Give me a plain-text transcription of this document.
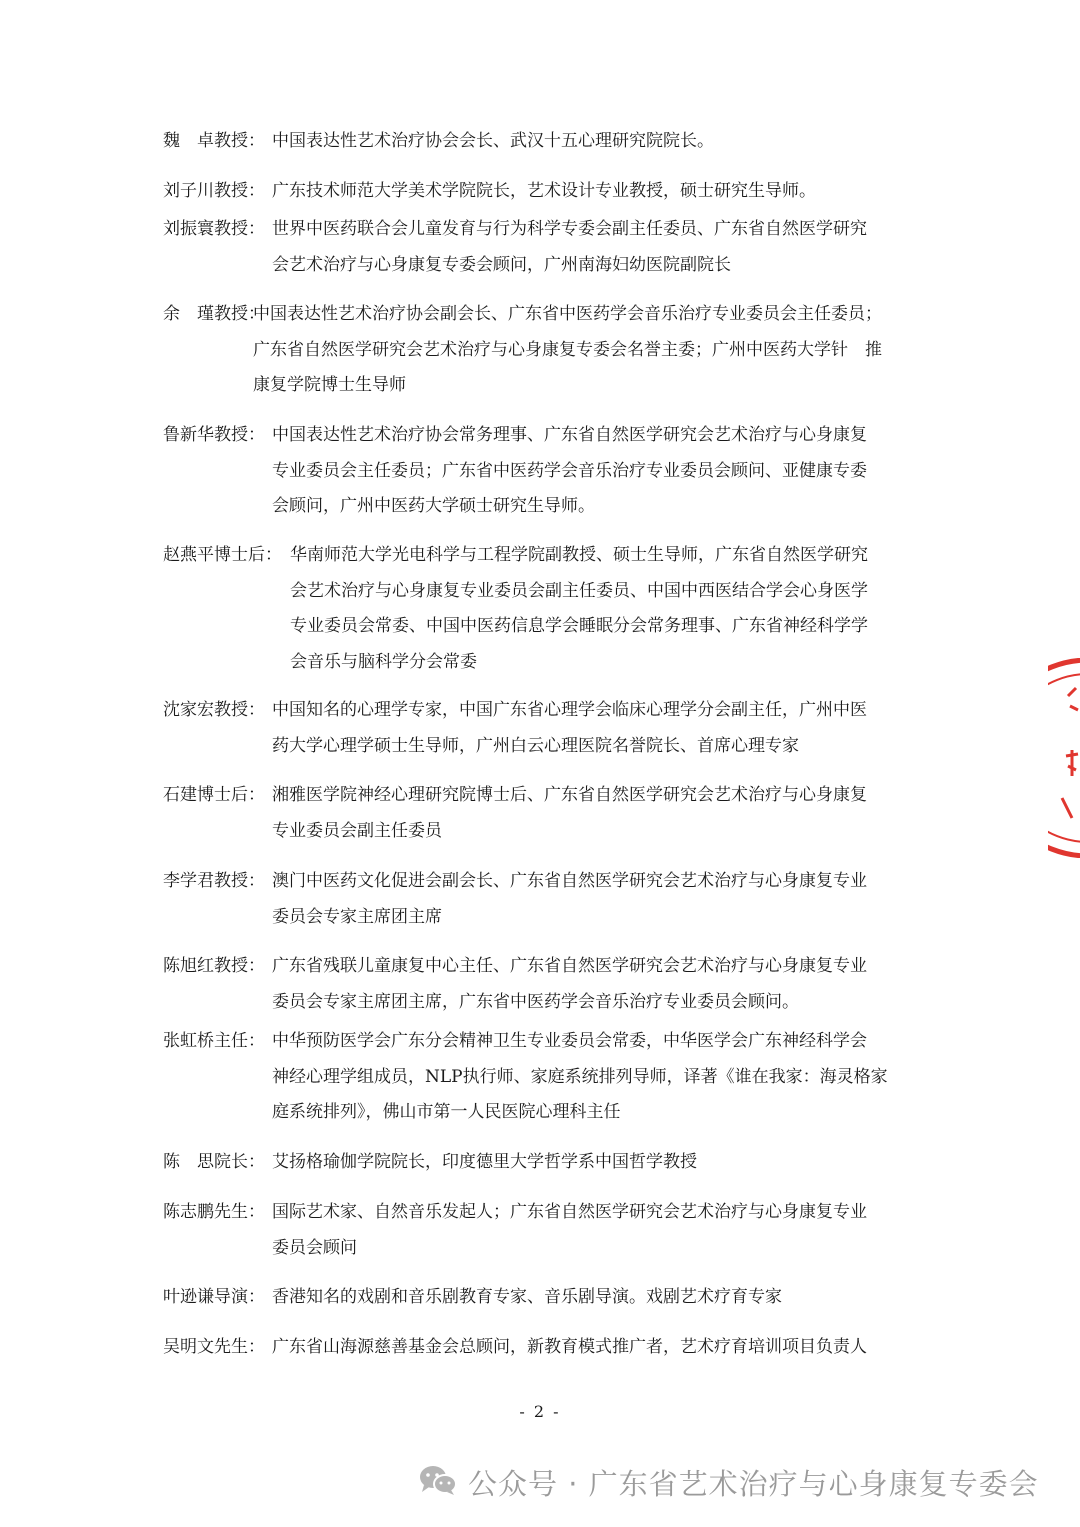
魏　卓教授： 中国表达性艺术治疗协会会长、武汉十五心理研究院院长。
刘子川教授： 广东技术师范大学美术学院院长，艺术设计专业教授，硕士研究生导师。
刘振寰教授： 世界中医药联合会儿童发育与行为科学专委会副主任委员、广东省自然医学研究
会艺术治疗与心身康复专委会顾问，广州南海妇幼医院副院长
余　瑾教授：
中国表达性艺术治疗协会副会长、广东省中医药学会音乐治疗专业委员会主任委员；
广东省自然医学研究会艺术治疗与心身康复专委会名誉主委；广州中医药大学针　推
康复学院博士生导师
鲁新华教授： 中国表达性艺术治疗协会常务理事、广东省自然医学研究会艺术治疗与心身康复
专业委员会主任委员；广东省中医药学会音乐治疗专业委员会顾问、亚健康专委
会顾问，广州中医药大学硕士研究生导师。
赵燕平博士后： 华南师范大学光电科学与工程学院副教授、硕士生导师，广东省自然医学研究
会艺术治疗与心身康复专业委员会副主任委员、中国中西医结合学会心身医学
专业委员会常委、中国中医药信息学会睡眠分会常务理事、广东省神经科学学
会音乐与脑科学分会常委
沈家宏教授： 中国知名的心理学专家，中国广东省心理学会临床心理学分会副主任，广州中医
药大学心理学硕士生导师，广州白云心理医院名誉院长、首席心理专家
石建博士后： 湘雅医学院神经心理研究院博士后、广东省自然医学研究会艺术治疗与心身康复
专业委员会副主任委员
李学君教授： 澳门中医药文化促进会副会长、广东省自然医学研究会艺术治疗与心身康复专业
委员会专家主席团主席
陈旭红教授： 广东省残联儿童康复中心主任、广东省自然医学研究会艺术治疗与心身康复专业
委员会专家主席团主席，广东省中医药学会音乐治疗专业委员会顾问。
张虹桥主任： 中华预防医学会广东分会精神卫生专业委员会常委，中华医学会广东神经科学会
神经心理学组成员，NLP执行师、家庭系统排列导师，译著《谁在我家：海灵格家
庭系统排列》，佛山市第一人民医院心理科主任
陈　思院长： 艾扬格瑜伽学院院长，印度德里大学哲学系中国哲学教授
陈志鹏先生： 国际艺术家、自然音乐发起人；广东省自然医学研究会艺术治疗与心身康复专业
委员会顾问
叶逊谦导演： 香港知名的戏剧和音乐剧教育专家、音乐剧导演。戏剧艺术疗育专家
吴明文先生： 广东省山海源慈善基金会总顾问，新教育模式推广者，艺术疗育培训项目负责人
- 2 -
公众号 · 广东省艺术治疗与心身康复专委会
